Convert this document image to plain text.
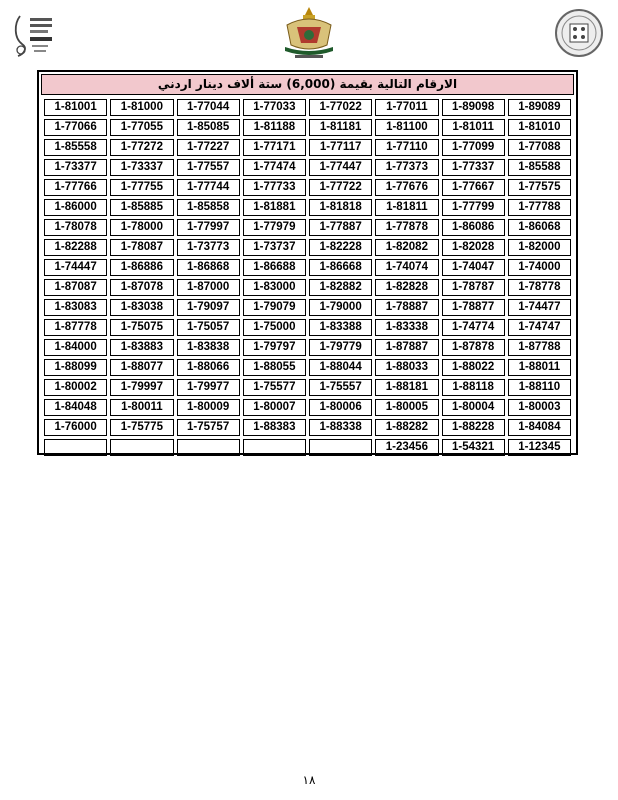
الارقام التالية بقيمة (6,000) ستة ألاف دينار اردني
1-81001	1-81000	1-77044	1-77033	1-77022	1-77011	1-89098	1-89089
1-77066	1-77055	1-85085	1-81188	1-81181	1-81100	1-81011	1-81010
1-85558	1-77272	1-77227	1-77171	1-77117	1-77110	1-77099	1-77088
1-73377	1-73337	1-77557	1-77474	1-77447	1-77373	1-77337	1-85588
1-77766	1-77755	1-77744	1-77733	1-77722	1-77676	1-77667	1-77575
1-86000	1-85885	1-85858	1-81881	1-81818	1-81811	1-77799	1-77788
1-78078	1-78000	1-77997	1-77979	1-77887	1-77878	1-86086	1-86068
1-82288	1-78087	1-73773	1-73737	1-82228	1-82082	1-82028	1-82000
1-74447	1-86886	1-86868	1-86688	1-86668	1-74074	1-74047	1-74000
1-87087	1-87078	1-87000	1-83000	1-82882	1-82828	1-78787	1-78778
1-83083	1-83038	1-79097	1-79079	1-79000	1-78887	1-78877	1-74477
1-87778	1-75075	1-75057	1-75000	1-83388	1-83338	1-74774	1-74747
1-84000	1-83883	1-83838	1-79797	1-79779	1-87887	1-87878	1-87788
1-88099	1-88077	1-88066	1-88055	1-88044	1-88033	1-88022	1-88011
1-80002	1-79997	1-79977	1-75577	1-75557	1-88181	1-88118	1-88110
1-84048	1-80011	1-80009	1-80007	1-80006	1-80005	1-80004	1-80003
1-76000	1-75775	1-75757	1-88383	1-88338	1-88282	1-88228	1-84084
					1-23456	1-54321	1-12345
١٨
